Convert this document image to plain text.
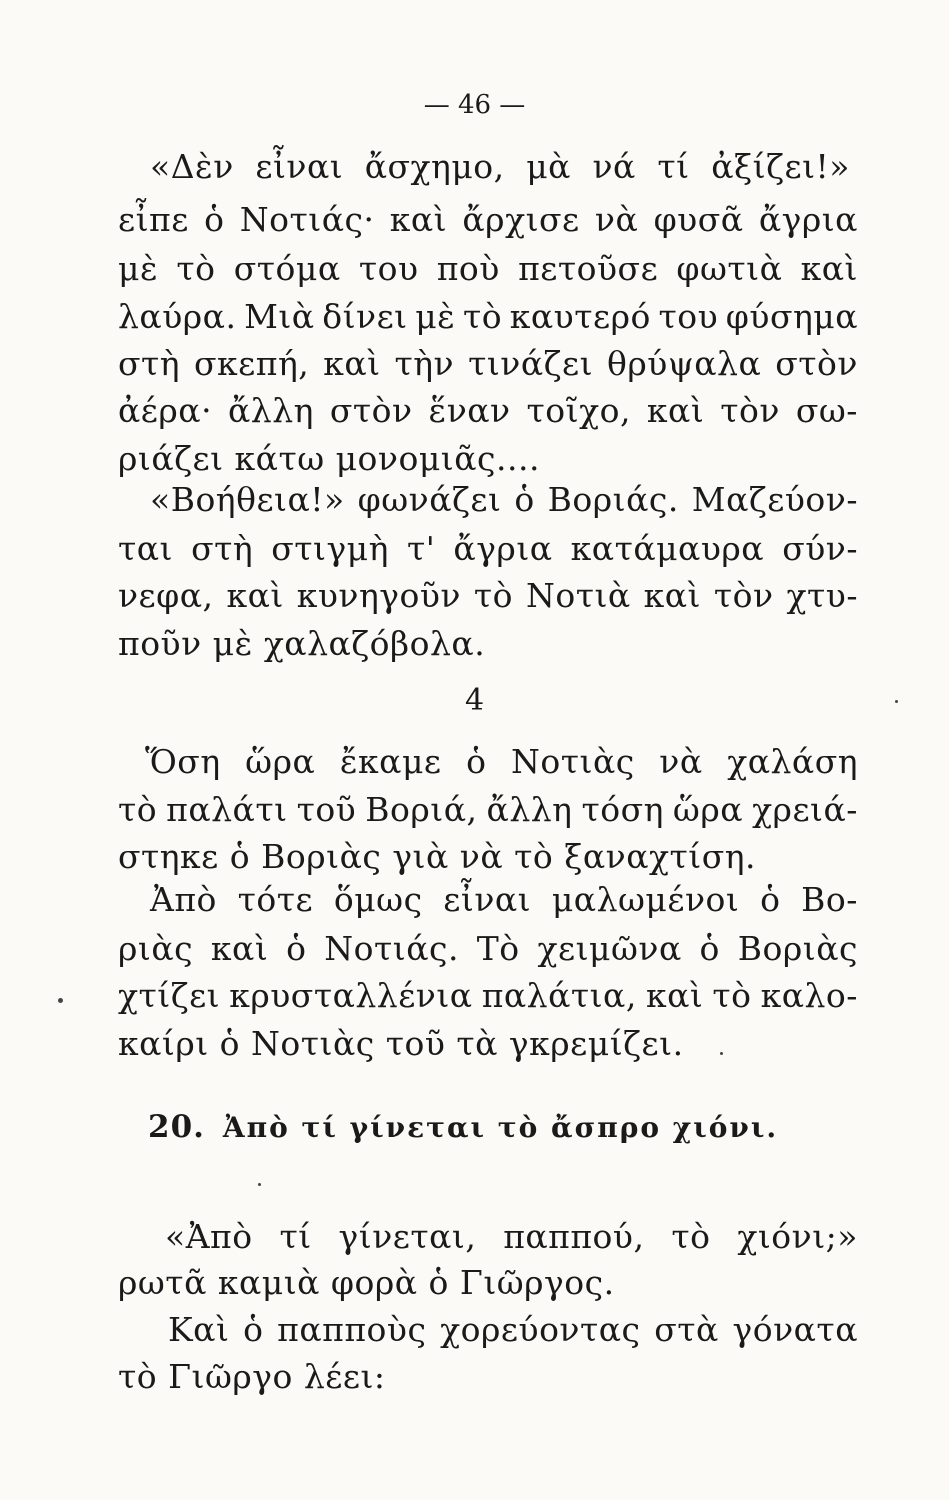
— 46 —
«Δὲν εἶναι ἄσχημο, μὰ νά τί ἀξίζει!»
εἶπε ὁ Νοτιάς· καὶ ἄρχισε νὰ φυσᾶ ἄγρια
μὲ τὸ στόμα του ποὺ πετοῦσε φωτιὰ καὶ
λαύρα. Μιὰ δίνει μὲ τὸ καυτερό του φύσημα
στὴ σκεπή, καὶ τὴν τινάζει θρύψαλα στὸν
ἀέρα· ἄλλη στὸν ἕναν τοῖχο, καὶ τὸν σω-
ριάζει κάτω μονομιᾶς....
«Βοήθεια!» φωνάζει ὁ Βοριάς. Μαζεύον-
ται στὴ στιγμὴ τ' ἄγρια κατάμαυρα σύν-
νεφα, καὶ κυνηγοῦν τὸ Νοτιὰ καὶ τὸν χτυ-
ποῦν μὲ χαλαζόβολα.
4
Ὅση ὥρα ἔκαμε ὁ Νοτιὰς νὰ χαλάση
τὸ παλάτι τοῦ Βοριά, ἄλλη τόση ὥρα χρειά-
στηκε ὁ Βοριὰς γιὰ νὰ τὸ ξαναχτίση.
Ἀπὸ τότε ὅμως εἶναι μαλωμένοι ὁ Βο-
ριὰς καὶ ὁ Νοτιάς. Τὸ χειμῶνα ὁ Βοριὰς
χτίζει κρυσταλλένια παλάτια, καὶ τὸ καλο-
καίρι ὁ Νοτιὰς τοῦ τὰ γκρεμίζει.
20. Ἀπὸ τί γίνεται τὸ ἄσπρο χιόνι.
«Ἀπὸ τί γίνεται, παππού, τὸ χιόνι;»
ρωτᾶ καμιὰ φορὰ ὁ Γιῶργος.
Καὶ ὁ παπποὺς χορεύοντας στὰ γόνατα
τὸ Γιῶργο λέει:
